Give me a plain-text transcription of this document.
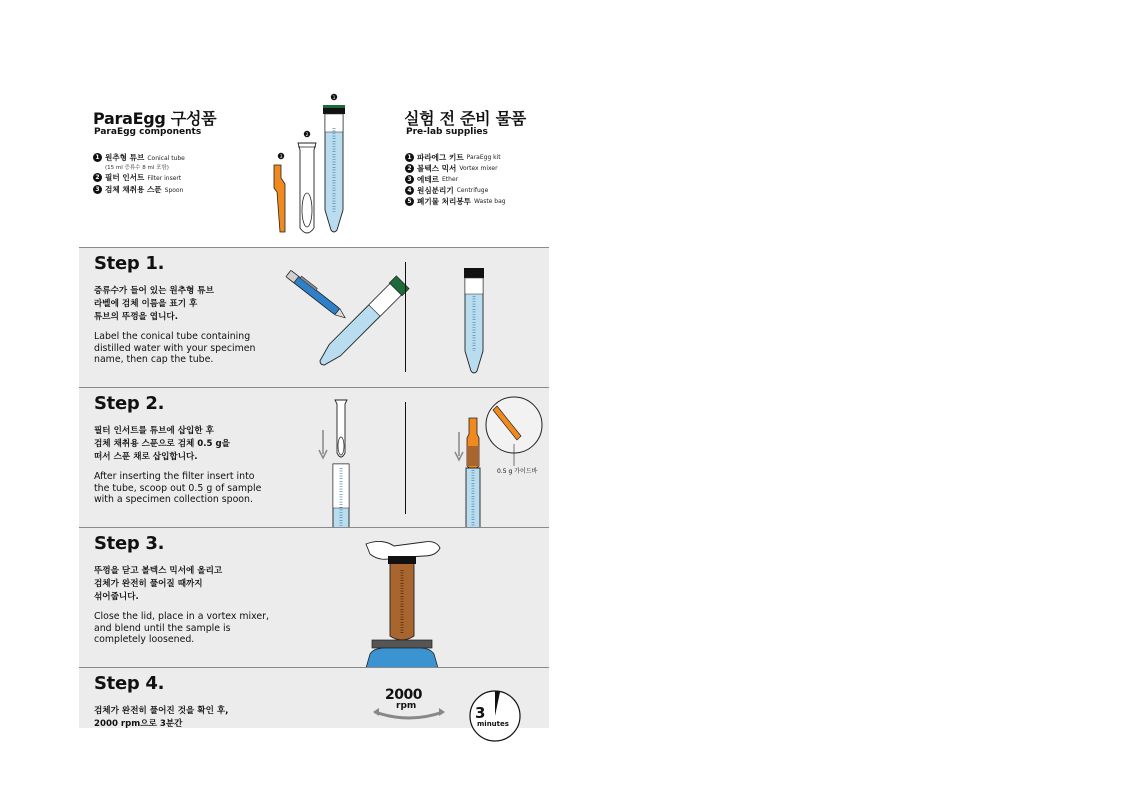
ParaEgg 구성품
ParaEgg components
1 원추형 튜브 Conical tube
(15 ml 증류수 8 ml 포함)
2 필터 인서트 Filter insert
3 검체 채취용 스푼 Spoon
3
2
1
실험 전 준비 물품
Pre-lab supplies
1 파라에그 키트 ParaEgg kit
2 볼텍스 믹서 Vortex mixer
3 에테르 Ether
4 원심분리기 Centrifuge
5 폐기물 처리봉투 Waste bag
Step 1.
증류수가 들어 있는 원추형 튜브
라벨에 검체 이름을 표기 후
튜브의 뚜껑을 엽니다.
Label the conical tube containing
distilled water with your specimen
name, then cap the tube.
Step 2.
필터 인서트를 튜브에 삽입한 후
검체 채취용 스푼으로 검체 0.5 g을
떠서 스푼 채로 삽입합니다.
After inserting the filter insert into
the tube, scoop out 0.5 g of sample
with a specimen collection spoon.
0.5 g 가이드바
Step 3.
뚜껑을 닫고 볼텍스 믹서에 올리고
검체가 완전히 풀어질 때까지
섞어줍니다.
Close the lid, place in a vortex mixer,
and blend until the sample is
completely loosened.
Step 4.
검체가 완전히 풀어진 것을 확인 후,
2000 rpm으로 3분간
2000
rpm	3
minutes
